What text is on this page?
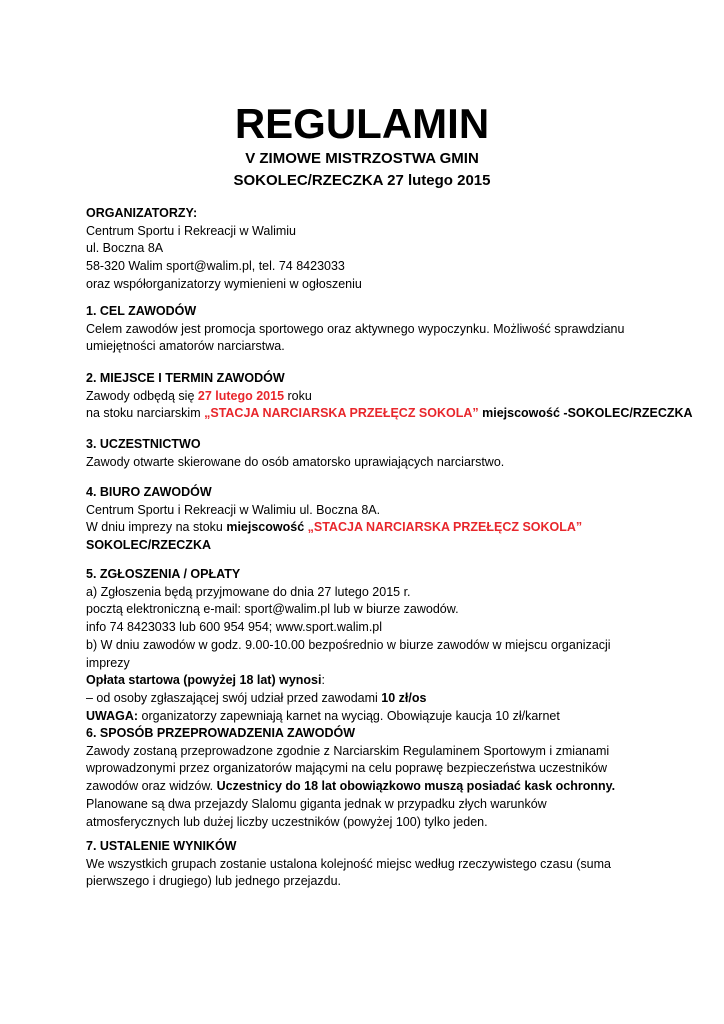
REGULAMIN
V ZIMOWE MISTRZOSTWA GMIN
SOKOLEC/RZECZKA 27 lutego 2015
ORGANIZATORZY:
Centrum Sportu i Rekreacji w Walimiu
ul. Boczna 8A
58-320 Walim sport@walim.pl, tel. 74 8423033
oraz współorganizatorzy wymienieni w ogłoszeniu
1. CEL ZAWODÓW
Celem zawodów jest promocja sportowego oraz aktywnego wypoczynku. Możliwość sprawdzianu
umiejętności amatorów narciarstwa.
2. MIEJSCE I TERMIN ZAWODÓW
Zawody odbędą się 27 lutego 2015 roku
na stoku narciarskim „STACJA NARCIARSKA PRZEŁĘCZ SOKOLA” miejscowość -SOKOLEC/RZECZKA
3. UCZESTNICTWO
Zawody otwarte skierowane do osób amatorsko uprawiających narciarstwo.
4. BIURO ZAWODÓW
Centrum Sportu i Rekreacji w Walimiu ul. Boczna 8A.
W dniu imprezy na stoku miejscowość „STACJA NARCIARSKA PRZEŁĘCZ SOKOLA”
SOKOLEC/RZECZKA
5. ZGŁOSZENIA / OPŁATY
a) Zgłoszenia będą przyjmowane do dnia 27 lutego 2015 r.
pocztą elektroniczną e-mail: sport@walim.pl lub w biurze zawodów.
info 74 8423033 lub 600 954 954; www.sport.walim.pl
b) W dniu zawodów w godz. 9.00-10.00 bezpośrednio w biurze zawodów w miejscu organizacji
imprezy
Opłata startowa (powyżej 18 lat) wynosi:
– od osoby zgłaszającej swój udział przed zawodami 10 zł/os
UWAGA: organizatorzy zapewniają karnet na wyciąg. Obowiązuje kaucja 10 zł/karnet
6. SPOSÓB PRZEPROWADZENIA ZAWODÓW
Zawody zostaną przeprowadzone zgodnie z Narciarskim Regulaminem Sportowym i zmianami
wprowadzonymi przez organizatorów mającymi na celu poprawę bezpieczeństwa uczestników
zawodów oraz widzów. Uczestnicy do 18 lat obowiązkowo muszą posiadać kask ochronny.
Planowane są dwa przejazdy Slalomu giganta jednak w przypadku złych warunków
atmosferycznych lub dużej liczby uczestników (powyżej 100) tylko jeden.
7. USTALENIE WYNIKÓW
We wszystkich grupach zostanie ustalona kolejność miejsc według rzeczywistego czasu (suma
pierwszego i drugiego) lub jednego przejazdu.
